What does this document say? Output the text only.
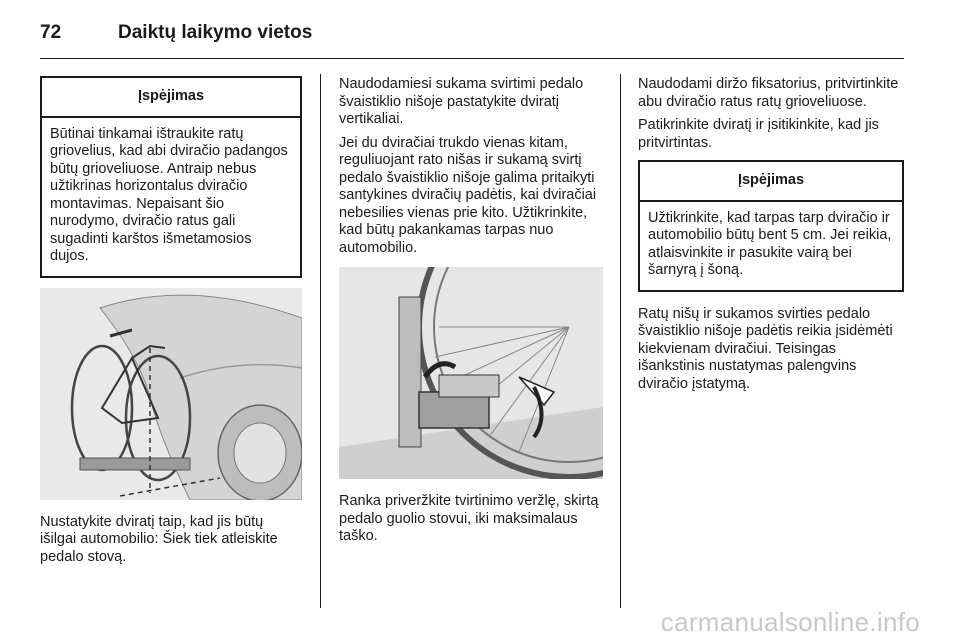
72	Daiktų laikymo vietos
Įspėjimas
Būtinai tinkamai ištraukite ratų griovelius, kad abi dviračio padangos būtų grioveliuose. Antraip nebus užtikrinas horizontalus dviračio montavimas. Nepaisant šio nurodymo, dviračio ratus gali sugadinti karštos išmetamosios dujos.

Nustatykite dviratį taip, kad jis būtų išilgai automobilio: Šiek tiek atleiskite pedalo stovą.

Naudodamiesi sukama svirtimi pedalo švaistiklio nišoje pastatykite dviratį vertikaliai.

Jei du dviračiai trukdo vienas kitam, reguliuojant rato nišas ir sukamą svirtį pedalo švaistiklio nišoje galima pritaikyti santykines dviračių padėtis, kai dviračiai nebesilies vienas prie kito. Užtikrinkite, kad būtų pakankamas tarpas nuo automobilio.

Ranka priveržkite tvirtinimo veržlę, skirtą pedalo guolio stovui, iki maksimalaus taško.

Naudodami diržo fiksatorius, pritvirtinkite abu dviračio ratus ratų grioveliuose.

Patikrinkite dviratį ir įsitikinkite, kad jis pritvirtintas.

Įspėjimas
Užtikrinkite, kad tarpas tarp dviračio ir automobilio būtų bent 5 cm. Jei reikia, atlaisvinkite ir pasukite vairą bei šarnyrą į šoną.

Ratų nišų ir sukamos svirties pedalo švaistiklio nišoje padėtis reikia įsidėmėti kiekvienam dviračiui. Teisingas išankstinis nustatymas palengvins dviračio įstatymą.

carmanualsonline.info
